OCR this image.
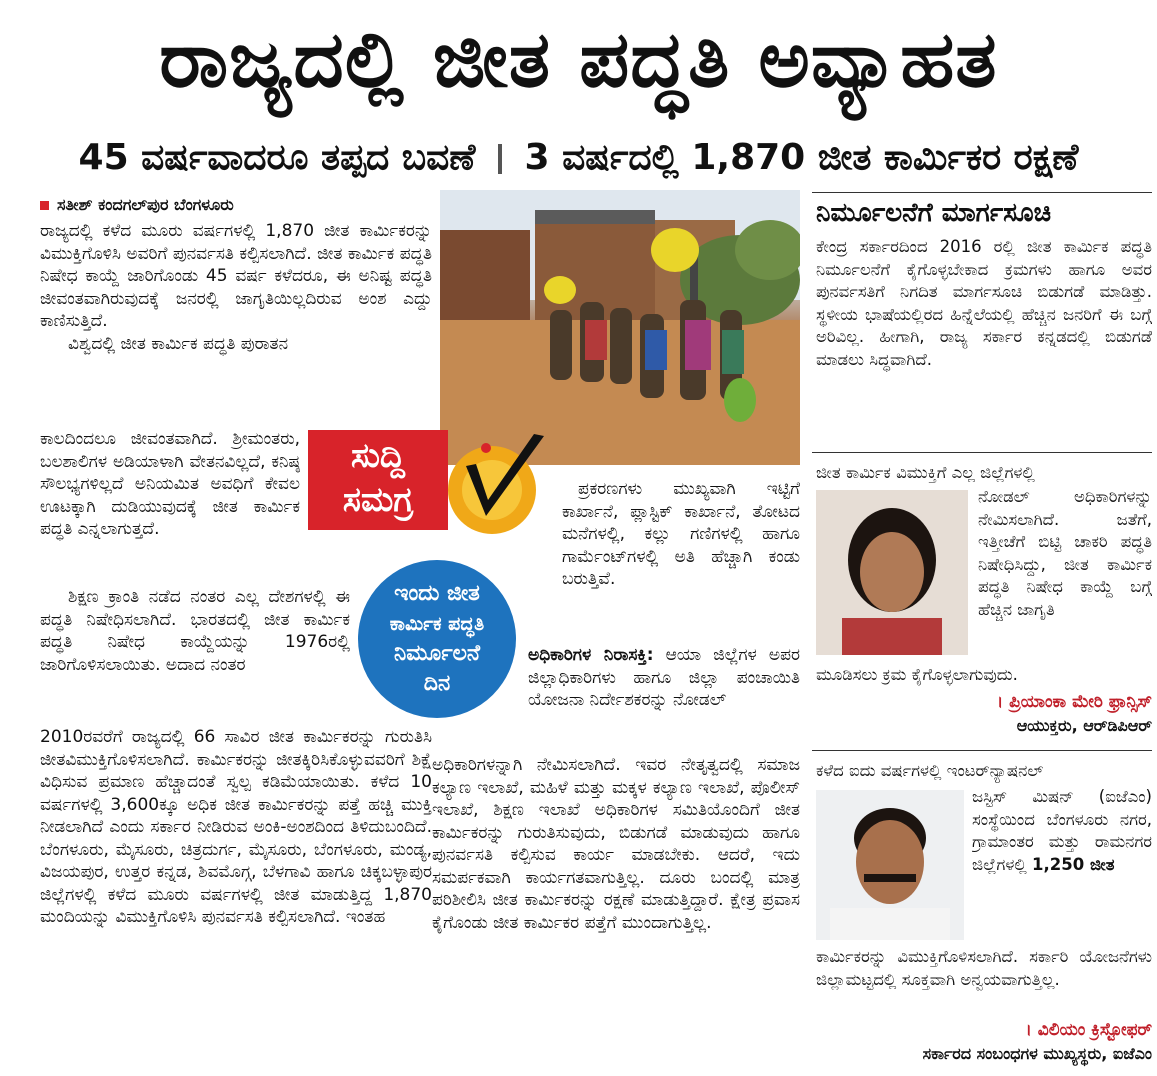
ರಾಜ್ಯದಲ್ಲಿ ಜೀತ ಪದ್ಧತಿ ಅವ್ಯಾಹತ
45 ವರ್ಷವಾದರೂ ತಪ್ಪದ ಬವಣೆ 3 ವರ್ಷದಲ್ಲಿ 1,870 ಜೀತ ಕಾರ್ಮಿಕರ ರಕ್ಷಣೆ
ಸತೀಶ್ ಕಂದಗಲ್‌ಪುರ ಬೆಂಗಳೂರು

ರಾಜ್ಯದಲ್ಲಿ ಕಳೆದ ಮೂರು ವರ್ಷಗಳಲ್ಲಿ 1,870 ಜೀತ ಕಾರ್ಮಿಕರನ್ನು ವಿಮುಕ್ತಿಗೊಳಿಸಿ ಅವರಿಗೆ ಪುನರ್ವಸತಿ ಕಲ್ಪಿಸಲಾಗಿದೆ. ಜೀತ ಕಾರ್ಮಿಕ ಪದ್ಧತಿ ನಿಷೇಧ ಕಾಯ್ದೆ ಜಾರಿಗೊಂಡು 45 ವರ್ಷ ಕಳೆದರೂ, ಈ ಅನಿಷ್ಟ ಪದ್ಧತಿ ಜೀವಂತವಾಗಿರುವುದಕ್ಕೆ ಜನರಲ್ಲಿ ಜಾಗೃತಿಯಿಲ್ಲದಿರುವ ಅಂಶ ಎದ್ದು ಕಾಣಿಸುತ್ತಿದೆ.

ವಿಶ್ವದಲ್ಲಿ ಜೀತ ಕಾರ್ಮಿಕ ಪದ್ಧತಿ ಪುರಾತನ

ಕಾಲದಿಂದಲೂ ಜೀವಂತವಾಗಿದೆ. ಶ್ರೀಮಂತರು, ಬಲಶಾಲಿಗಳ ಅಡಿಯಾಳಾಗಿ ವೇತನವಿಲ್ಲದೆ, ಕನಿಷ್ಠ ಸೌಲಭ್ಯಗಳಿಲ್ಲದೆ ಅನಿಯಮಿತ ಅವಧಿಗೆ ಕೇವಲ ಊಟಕ್ಕಾಗಿ ದುಡಿಯುವುದಕ್ಕೆ ಜೀತ ಕಾರ್ಮಿಕ ಪದ್ಧತಿ ಎನ್ನಲಾಗುತ್ತದೆ.

ಶಿಕ್ಷಣ ಕ್ರಾಂತಿ ನಡೆದ ನಂತರ ಎಲ್ಲ ದೇಶಗಳಲ್ಲಿ ಈ ಪದ್ಧತಿ ನಿಷೇಧಿಸಲಾಗಿದೆ. ಭಾರತದಲ್ಲಿ ಜೀತ ಕಾರ್ಮಿಕ ಪದ್ಧತಿ ನಿಷೇಧ ಕಾಯ್ದೆಯನ್ನು 1976ರಲ್ಲಿ ಜಾರಿಗೊಳಿಸಲಾಯಿತು. ಅದಾದ ನಂತರ

2010ರವರೆಗೆ ರಾಜ್ಯದಲ್ಲಿ 66 ಸಾವಿರ ಜೀತ ಕಾರ್ಮಿಕರನ್ನು ಗುರುತಿಸಿ ಜೀತವಿಮುಕ್ತಿಗೊಳಿಸಲಾಗಿದೆ. ಕಾರ್ಮಿಕರನ್ನು ಜೀತಕ್ಕಿರಿಸಿಕೊಳ್ಳುವವರಿಗೆ ಶಿಕ್ಷೆ ವಿಧಿಸುವ ಪ್ರಮಾಣ ಹೆಚ್ಚಾದಂತೆ ಸ್ವಲ್ಪ ಕಡಿಮೆಯಾಯಿತು. ಕಳೆದ 10 ವರ್ಷಗಳಲ್ಲಿ 3,600ಕ್ಕೂ ಅಧಿಕ ಜೀತ ಕಾರ್ಮಿಕರನ್ನು ಪತ್ತೆ ಹಚ್ಚಿ ಮುಕ್ತಿ ನೀಡಲಾಗಿದೆ ಎಂದು ಸರ್ಕಾರ ನೀಡಿರುವ ಅಂಕಿ-ಅಂಶದಿಂದ ತಿಳಿದುಬಂದಿದೆ. ಬೆಂಗಳೂರು, ಮೈಸೂರು, ಚಿತ್ರದುರ್ಗ, ಮೈಸೂರು, ಬೆಂಗಳೂರು, ಮಂಡ್ಯ, ವಿಜಯಪುರ, ಉತ್ತರ ಕನ್ನಡ, ಶಿವಮೊಗ್ಗ, ಬೆಳಗಾವಿ ಹಾಗೂ ಚಿಕ್ಕಬಳ್ಳಾಪುರ ಜಿಲ್ಲೆಗಳಲ್ಲಿ ಕಳೆದ ಮೂರು ವರ್ಷಗಳಲ್ಲಿ ಜೀತ ಮಾಡುತ್ತಿದ್ದ 1,870 ಮಂದಿಯನ್ನು ವಿಮುಕ್ತಿಗೊಳಿಸಿ ಪುನರ್ವಸತಿ ಕಲ್ಪಿಸಲಾಗಿದೆ. ಇಂತಹ

ಸುದ್ದಿ
ಸಮಗ್ರ	ಪ್ರಕರಣಗಳು ಮುಖ್ಯವಾಗಿ ಇಟ್ಟಿಗೆ ಕಾರ್ಖಾನೆ, ಪ್ಲಾಸ್ಟಿಕ್ ಕಾರ್ಖಾನೆ, ತೋಟದ ಮನೆಗಳಲ್ಲಿ, ಕಲ್ಲು ಗಣಿಗಳಲ್ಲಿ ಹಾಗೂ ಗಾರ್ಮೆಂಟ್‌ಗಳಲ್ಲಿ ಅತಿ ಹೆಚ್ಚಾಗಿ ಕಂಡು ಬರುತ್ತಿವೆ.

ಅಧಿಕಾರಿಗಳ ನಿರಾಸಕ್ತಿ: ಆಯಾ ಜಿಲ್ಲೆಗಳ ಅಪರ ಜಿಲ್ಲಾಧಿಕಾರಿಗಳು ಹಾಗೂ ಜಿಲ್ಲಾ ಪಂಚಾಯಿತಿ ಯೋಜನಾ ನಿರ್ದೇಶಕರನ್ನು ನೋಡಲ್

ಅಧಿಕಾರಿಗಳನ್ನಾಗಿ ನೇಮಿಸಲಾಗಿದೆ. ಇವರ ನೇತೃತ್ವದಲ್ಲಿ ಸಮಾಜ ಕಲ್ಯಾಣ ಇಲಾಖೆ, ಮಹಿಳೆ ಮತ್ತು ಮಕ್ಕಳ ಕಲ್ಯಾಣ ಇಲಾಖೆ, ಪೊಲೀಸ್ ಇಲಾಖೆ, ಶಿಕ್ಷಣ ಇಲಾಖೆ ಅಧಿಕಾರಿಗಳ ಸಮಿತಿಯೊಂದಿಗೆ ಜೀತ ಕಾರ್ಮಿಕರನ್ನು ಗುರುತಿಸುವುದು, ಬಿಡುಗಡೆ ಮಾಡುವುದು ಹಾಗೂ ಪುನರ್ವಸತಿ ಕಲ್ಪಿಸುವ ಕಾರ್ಯ ಮಾಡಬೇಕು. ಆದರೆ, ಇದು ಸಮರ್ಪಕವಾಗಿ ಕಾರ್ಯಗತವಾಗುತ್ತಿಲ್ಲ. ದೂರು ಬಂದಲ್ಲಿ ಮಾತ್ರ ಪರಿಶೀಲಿಸಿ ಜೀತ ಕಾರ್ಮಿಕರನ್ನು ರಕ್ಷಣೆ ಮಾಡುತ್ತಿದ್ದಾರೆ. ಕ್ಷೇತ್ರ ಪ್ರವಾಸ ಕೈಗೊಂಡು ಜೀತ ಕಾರ್ಮಿಕರ ಪತ್ತೆಗೆ ಮುಂದಾಗುತ್ತಿಲ್ಲ.

ಇಂದು ಜೀತ
ಕಾರ್ಮಿಕ ಪದ್ಧತಿ
ನಿರ್ಮೂಲನೆ
ದಿನ
ನಿರ್ಮೂಲನೆಗೆ ಮಾರ್ಗಸೂಚಿ
ಕೇಂದ್ರ ಸರ್ಕಾರದಿಂದ 2016 ರಲ್ಲಿ ಜೀತ ಕಾರ್ಮಿಕ ಪದ್ಧತಿ ನಿರ್ಮೂಲನೆಗೆ ಕೈಗೊಳ್ಳಬೇಕಾದ ಕ್ರಮಗಳು ಹಾಗೂ ಅವರ ಪುನರ್ವಸತಿಗೆ ನಿಗದಿತ ಮಾರ್ಗಸೂಚಿ ಬಿಡುಗಡೆ ಮಾಡಿತ್ತು. ಸ್ಥಳೀಯ ಭಾಷೆಯಲ್ಲಿರದ ಹಿನ್ನೆಲೆಯಲ್ಲಿ ಹೆಚ್ಚಿನ ಜನರಿಗೆ ಈ ಬಗ್ಗೆ ಅರಿವಿಲ್ಲ. ಹೀಗಾಗಿ, ರಾಜ್ಯ ಸರ್ಕಾರ ಕನ್ನಡದಲ್ಲಿ ಬಿಡುಗಡೆ ಮಾಡಲು ಸಿದ್ಧವಾಗಿದೆ.
ಜೀತ ಕಾರ್ಮಿಕ ವಿಮುಕ್ತಿಗೆ ಎಲ್ಲ ಜಿಲ್ಲೆಗಳಲ್ಲಿ

ನೋಡಲ್ ಅಧಿಕಾರಿಗಳನ್ನು ನೇಮಿಸಲಾಗಿದೆ. ಜತೆಗೆ, ಇತ್ತೀಚೆಗೆ ಬಿಟ್ಟಿ ಚಾಕರಿ ಪದ್ಧತಿ ನಿಷೇಧಿಸಿದ್ದು, ಜೀತ ಕಾರ್ಮಿಕ ಪದ್ಧತಿ ನಿಷೇಧ ಕಾಯ್ದೆ ಬಗ್ಗೆ ಹೆಚ್ಚಿನ ಜಾಗೃತಿ

ಮೂಡಿಸಲು ಕ್ರಮ ಕೈಗೊಳ್ಳಲಾಗುವುದು.
। ಪ್ರಿಯಾಂಕಾ ಮೇರಿ ಫ್ರಾನ್ಸಿಸ್
ಆಯುಕ್ತರು, ಆರ್‌ಡಿಪಿಆರ್
ಕಳೆದ ಐದು ವರ್ಷಗಳಲ್ಲಿ ಇಂಟರ್‌ನ್ಯಾಷನಲ್

ಜಸ್ಟಿಸ್ ಮಿಷನ್ (ಐಜೆಎಂ) ಸಂಸ್ಥೆಯಿಂದ ಬೆಂಗಳೂರು ನಗರ, ಗ್ರಾಮಾಂತರ ಮತ್ತು ರಾಮನಗರ ಜಿಲ್ಲೆಗಳಲ್ಲಿ 1,250 ಜೀತ

ಕಾರ್ಮಿಕರನ್ನು ವಿಮುಕ್ತಿಗೊಳಿಸಲಾಗಿದೆ. ಸರ್ಕಾರಿ ಯೋಜನೆಗಳು ಜಿಲ್ಲಾಮಟ್ಟದಲ್ಲಿ ಸೂಕ್ತವಾಗಿ ಅನ್ವಯವಾಗುತ್ತಿಲ್ಲ.
। ವಿಲಿಯಂ ಕ್ರಿಸ್ಟೋಫರ್
ಸರ್ಕಾರದ ಸಂಬಂಧಗಳ ಮುಖ್ಯಸ್ಥರು, ಐಜೆಎಂ
